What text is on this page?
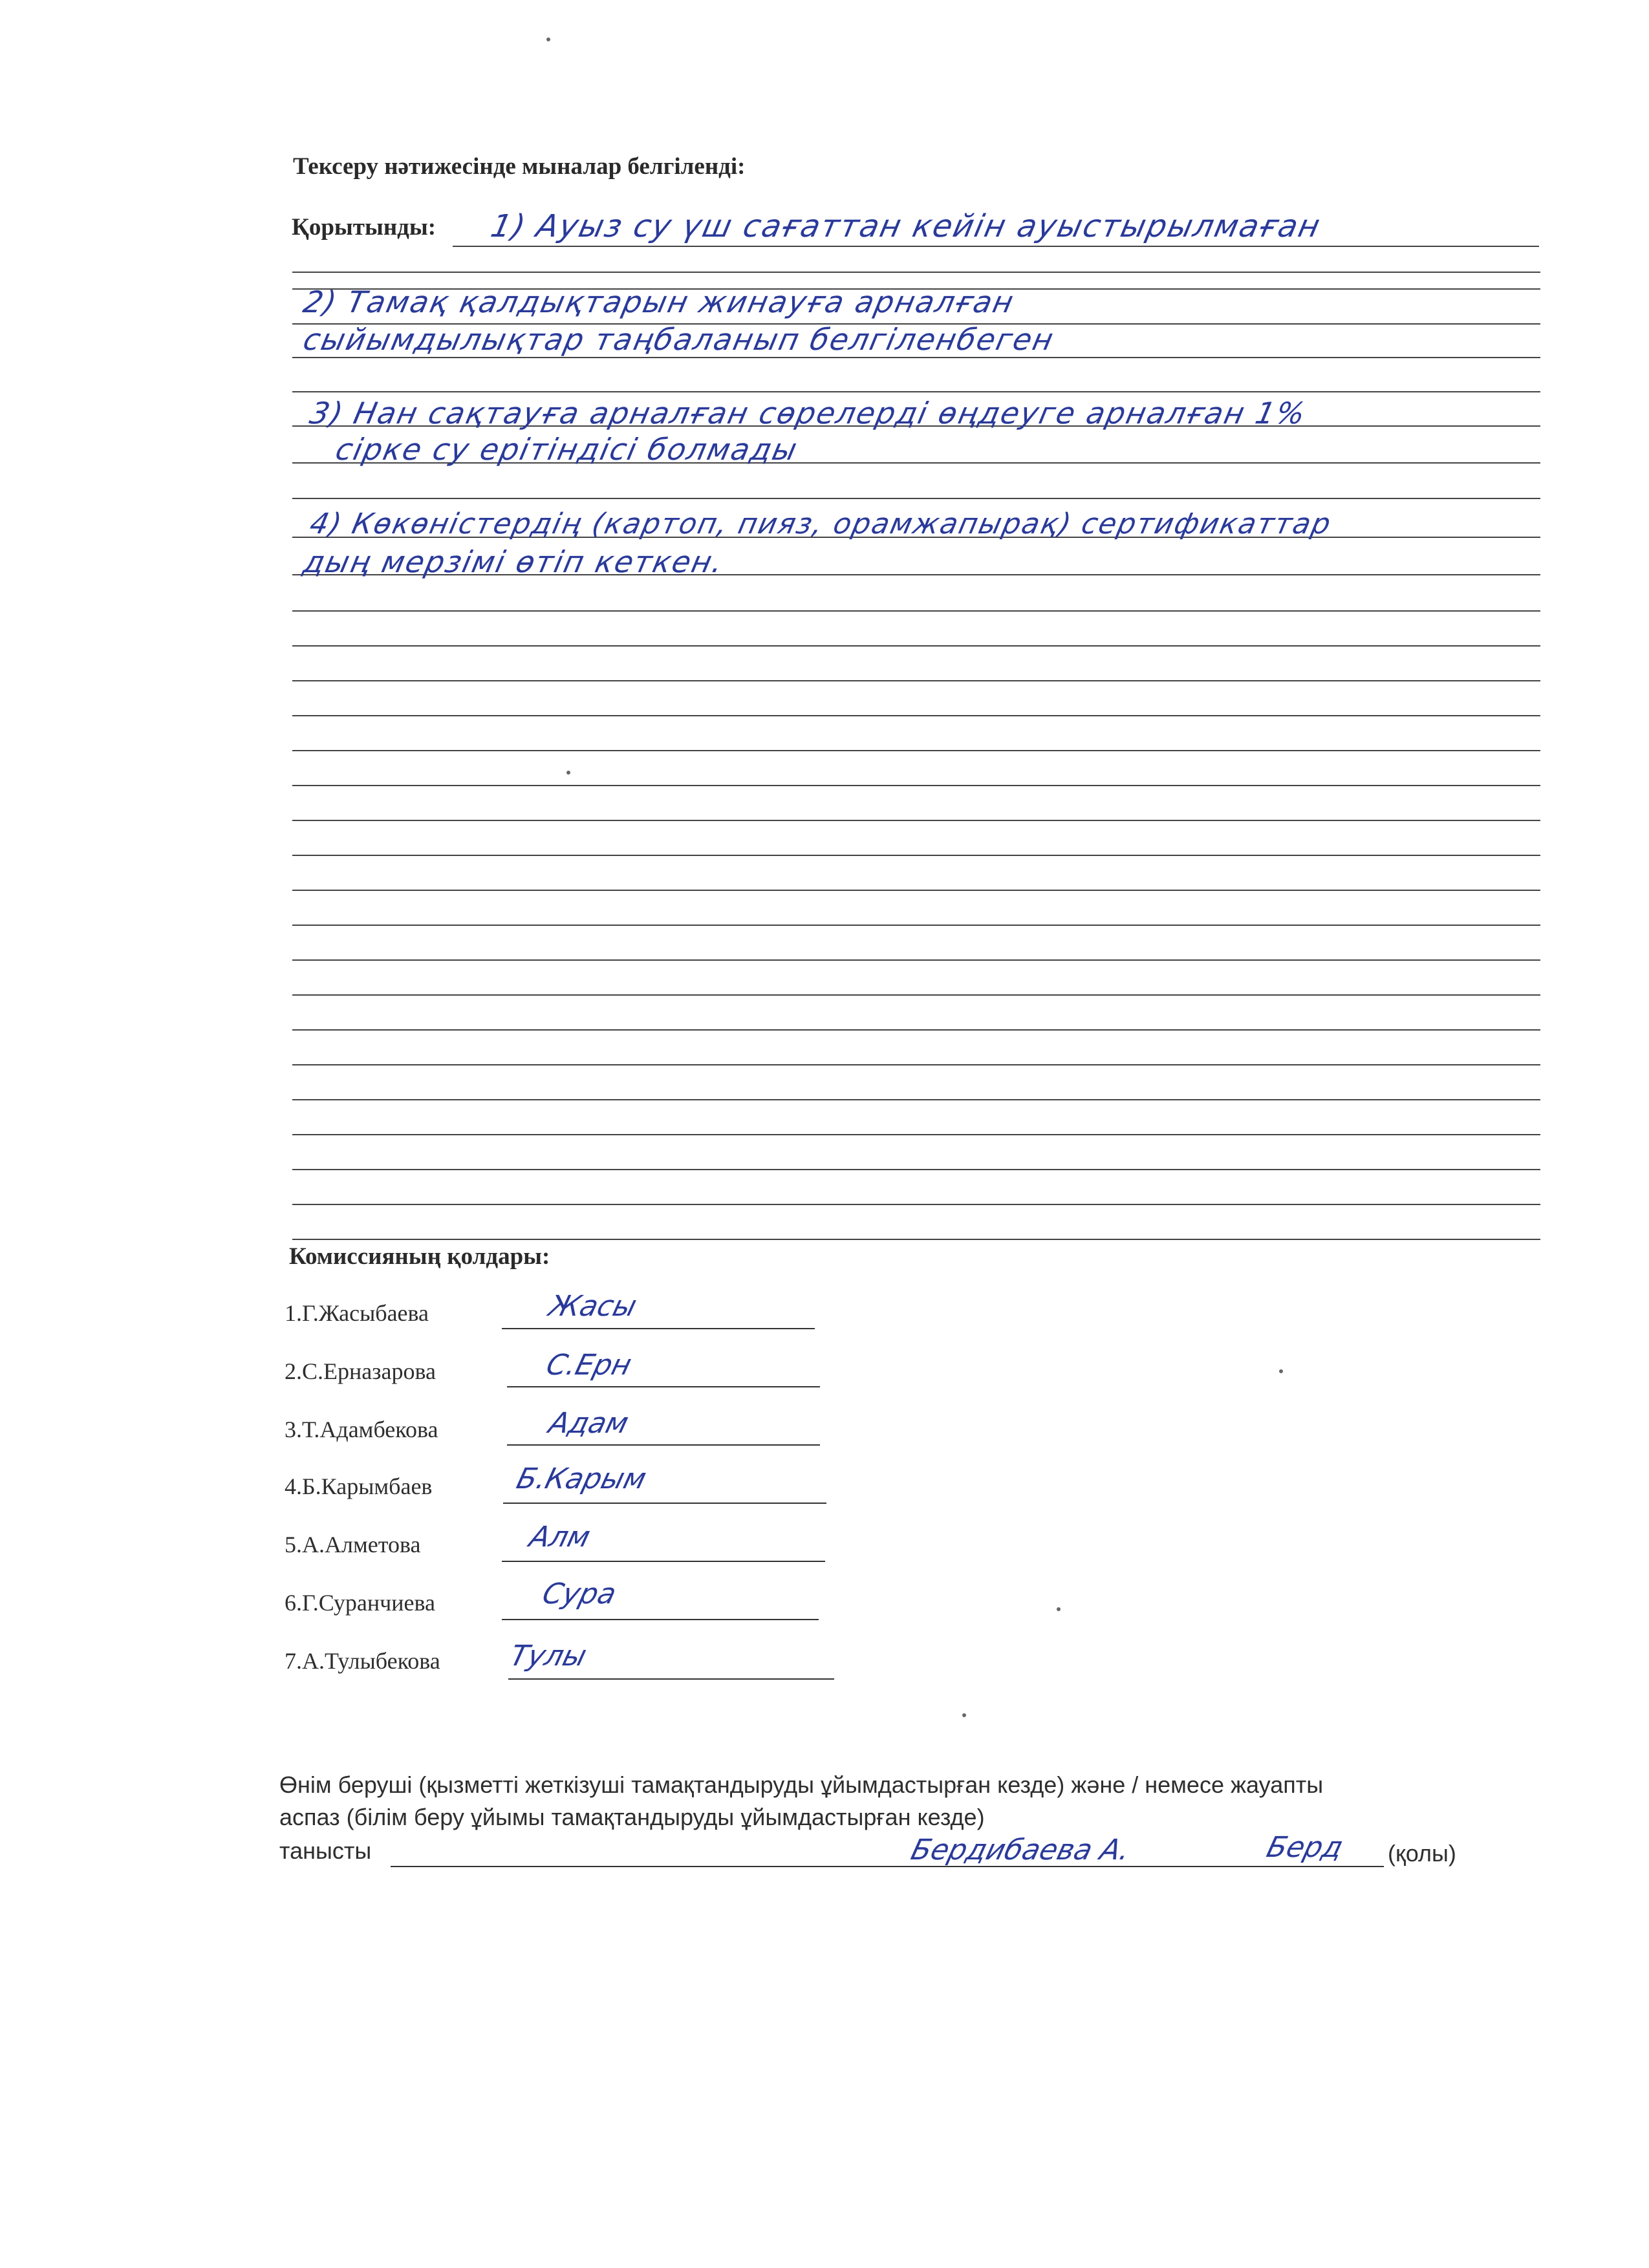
Тексеру нәтижесінде мыналар белгіленді:
Қорытынды: 1) Ауыз су үш сағаттан кейін ауыстырылмаған
2) Тамақ қалдықтарын жинауға арналған
сыйымдылықтар таңбаланып белгіленбеген
3) Нан сақтауға арналған сөрелерді өңдеуге арналған 1%
сірке су ерітіндісі болмады
4) Көкөністердің (картоп, пияз, орамжапырақ) сертификаттар
дың мерзімі өтіп кеткен.
Комиссияның қолдары:
1.Г.Жасыбаева	Жасы
2.С.Ерназарова	С.Ерн
3.Т.Адамбекова	Адам
4.Б.Карымбаев	Б.Карым
5.А.Алметова	Алм
6.Г.Суранчиева	Сура
7.А.Тулыбекова Тулы
Өнім беруші (қызметті жеткізуші тамақтандыруды ұйымдастырған кезде) және / немесе жауапты
аспаз (білім беру ұйымы тамақтандыруды ұйымдастырған кезде)
танысты	Бердибаева А.	Берд (қолы)
